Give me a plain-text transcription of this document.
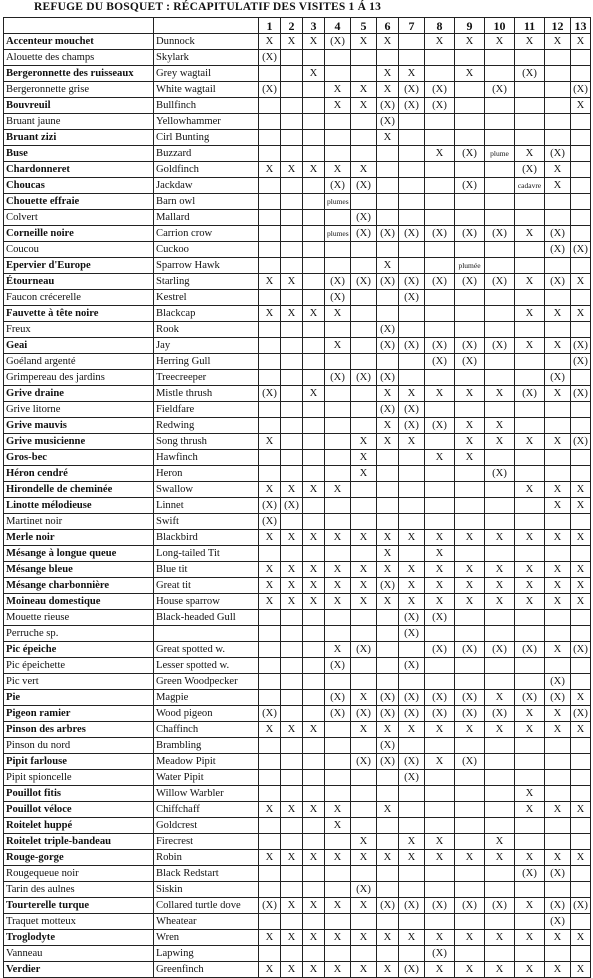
REFUGE DU BOSQUET : RÉCAPITULATIF DES VISITES 1 Á 13
		1	2	3	4	5	6	7	8	9	10	11	12	13
Accenteur mouchet	Dunnock	X	X	X	(X)	X	X		X	X	X	X	X	X
Alouette des champs	Skylark	(X)												
Bergeronnette des ruisseaux	Grey wagtail			X			X	X		X		(X)		
Bergeronnette grise	White wagtail	(X)			X	X	X	(X)	(X)		(X)			(X)
Bouvreuil	Bullfinch				X	X	(X)	(X)	(X)					X
Bruant jaune	Yellowhammer						(X)							
Bruant zizi	Cirl Bunting						X							
Buse	Buzzard								X	(X)	plume	X	(X)	
Chardonneret	Goldfinch	X	X	X	X	X						(X)	X	
Choucas	Jackdaw				(X)	(X)				(X)		cadavre	X	
Chouette effraie	Barn owl				plumes									
Colvert	Mallard					(X)								
Corneille noire	Carrion crow				plumes	(X)	(X)	(X)	(X)	(X)	(X)	X	(X)	
Coucou	Cuckoo												(X)	(X)
Epervier d'Europe	Sparrow Hawk						X			plumée				
Étourneau	Starling	X	X		(X)	(X)	(X)	(X)	(X)	(X)	(X)	X	(X)	X
Faucon crécerelle	Kestrel				(X)			(X)						
Fauvette à tête noire	Blackcap	X	X	X	X							X	X	X
Freux	Rook						(X)							
Geai	Jay				X		(X)	(X)	(X)	(X)	(X)	X	X	(X)
Goéland argenté	Herring Gull								(X)	(X)				(X)
Grimpereau des jardins	Treecreeper				(X)	(X)	(X)						(X)	
Grive draine	Mistle thrush	(X)		X			X	X	X	X	X	(X)	X	(X)
Grive litorne	Fieldfare						(X)	(X)						
Grive mauvis	Redwing						X	(X)	(X)	X	X			
Grive musicienne	Song thrush	X				X	X	X		X	X	X	X	(X)
Gros-bec	Hawfinch					X			X	X				
Héron cendré	Heron					X					(X)			
Hirondelle de cheminée	Swallow	X	X	X	X							X	X	X
Linotte mélodieuse	Linnet	(X)	(X)										X	X
Martinet noir	Swift	(X)												
Merle noir	Blackbird	X	X	X	X	X	X	X	X	X	X	X	X	X
Mésange à longue queue	Long-tailed Tit						X		X					
Mésange bleue	Blue tit	X	X	X	X	X	X	X	X	X	X	X	X	X
Mésange charbonnière	Great tit	X	X	X	X	X	(X)	X	X	X	X	X	X	X
Moineau domestique	House sparrow	X	X	X	X	X	X	X	X	X	X	X	X	X
Mouette rieuse	Black-headed Gull							(X)	(X)					
Perruche sp.								(X)						
Pic épeiche	Great spotted w.				X	(X)			(X)	(X)	(X)	(X)	X	(X)
Pic épeichette	Lesser spotted w.				(X)			(X)						
Pic vert	Green Woodpecker												(X)	
Pie	Magpie				(X)	X	(X)	(X)	(X)	(X)	X	(X)	(X)	X
Pigeon ramier	Wood pigeon	(X)			(X)	(X)	(X)	(X)	(X)	(X)	(X)	X	X	(X)
Pinson des arbres	Chaffinch	X	X	X		X	X	X	X	X	X	X	X	X
Pinson du nord	Brambling						(X)							
Pipit farlouse	Meadow Pipit					(X)	(X)	(X)	X	(X)				
Pipit spioncelle	Water Pipit							(X)						
Pouillot fitis	Willow Warbler											X		
Pouillot véloce	Chiffchaff	X	X	X	X		X					X	X	X
Roitelet huppé	Goldcrest				X									
Roitelet triple-bandeau	Firecrest					X		X	X		X			
Rouge-gorge	Robin	X	X	X	X	X	X	X	X	X	X	X	X	X
Rougequeue noir	Black Redstart											(X)	(X)	
Tarin des aulnes	Siskin					(X)								
Tourterelle turque	Collared turtle dove	(X)	X	X	X	X	(X)	(X)	(X)	(X)	(X)	X	(X)	(X)
Traquet motteux	Wheatear												(X)	
Troglodyte	Wren	X	X	X	X	X	X	X	X	X	X	X	X	X
Vanneau	Lapwing								(X)					
Verdier	Greenfinch	X	X	X	X	X	X	(X)	X	X	X	X	X	X
